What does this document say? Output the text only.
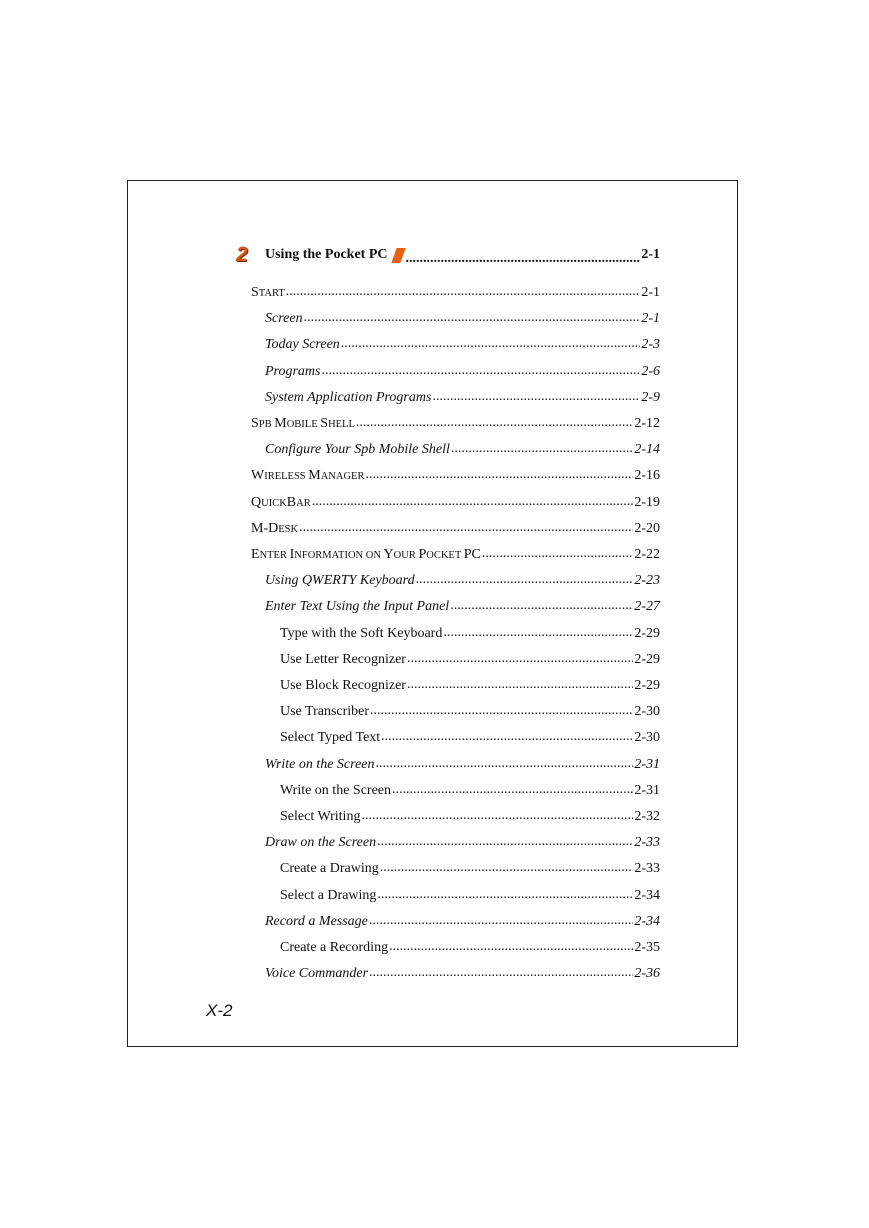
2	Using the Pocket PC .....	2-1
START .....	2-1
Screen .....	2-1
Today Screen .....	2-3
Programs .....	2-6
System Application Programs .....	2-9
SPB MOBILE SHELL .....	2-12
Configure Your Spb Mobile Shell .....	2-14
WIRELESS MANAGER .....	2-16
QUICKBAR .....	2-19
M-DESK .....	2-20
ENTER INFORMATION ON YOUR POCKET PC .....	2-22
Using QWERTY Keyboard .....	2-23
Enter Text Using the Input Panel .....	2-27
Type with the Soft Keyboard .....	2-29
Use Letter Recognizer .....	2-29
Use Block Recognizer .....	2-29
Use Transcriber .....	2-30
Select Typed Text .....	2-30
Write on the Screen .....	2-31
Write on the Screen .....	2-31
Select Writing .....	2-32
Draw on the Screen .....	2-33
Create a Drawing .....	2-33
Select a Drawing .....	2-34
Record a Message .....	2-34
Create a Recording .....	2-35
Voice Commander .....	2-36
X-2
